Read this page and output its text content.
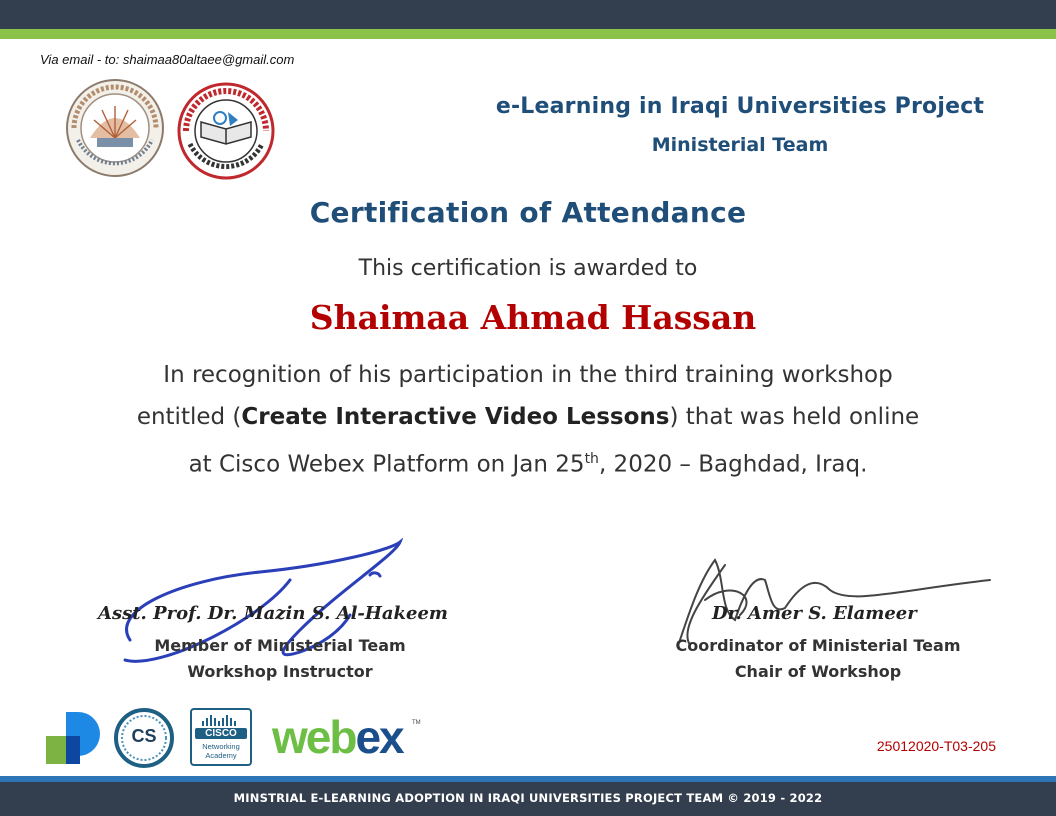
Via email - to: shaimaa80altaee@gmail.com
e-Learning in Iraqi Universities Project
Ministerial Team
Certification of Attendance
This certification is awarded to
Shaimaa Ahmad Hassan
In recognition of his participation in the third training workshop
entitled (Create Interactive Video Lessons) that was held online
at Cisco Webex Platform on Jan 25th, 2020 – Baghdad, Iraq.
Asst. Prof. Dr. Mazin S. Al-Hakeem
Member of Ministerial Team
Workshop Instructor
Dr. Amer S. Elameer
Coordinator of Ministerial Team
Chair of Workshop
CS	CISCO
Networking
Academy webex TM
25012020-T03-205
MINSTRIAL E-LEARNING ADOPTION IN IRAQI UNIVERSITIES PROJECT TEAM © 2019 - 2022
